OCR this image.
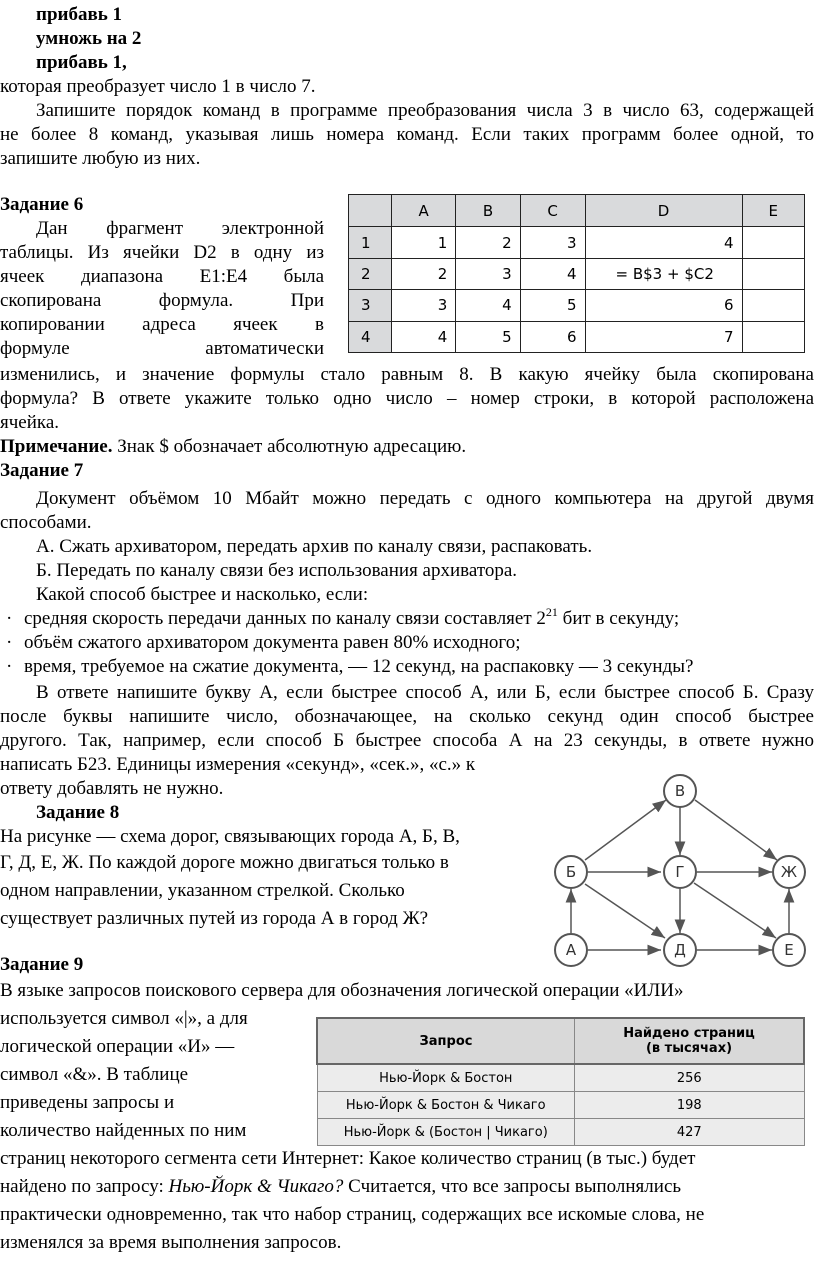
прибавь 1
умножь на 2
прибавь 1,
которая преобразует число 1 в число 7.
Запишите порядок команд в программе преобразования числа 3 в число 63, содержащей
не более 8 команд, указывая лишь номера команд. Если таких программ более одной, то
запишите любую из них.
Задание 6
Дан фрагмент электронной
таблицы. Из ячейки D2 в одну из
ячеек диапазона E1:E4 была
скопирована формула. При
копировании адреса ячеек в
формуле автоматически
изменились, и значение формулы стало равным 8. В какую ячейку была скопирована
формула? В ответе укажите только одно число – номер строки, в которой расположена
ячейка.
Примечание. Знак $ обозначает абсолютную адресацию.
	A	B	C	D	E
1	1	2	3	4	
2	2	3	4	= B$3 + $C2	
3	3	4	5	6	
4	4	5	6	7	
Задание 7
Документ объёмом 10 Мбайт можно передать с одного компьютера на другой двумя
способами.
А. Сжать архиватором, передать архив по каналу связи, распаковать.
Б. Передать по каналу связи без использования архиватора.
Какой способ быстрее и насколько, если:
· средняя скорость передачи данных по каналу связи составляет $2^{21}$ бит в секунду;
· объём сжатого архиватором документа равен 80% исходного;
· время, требуемое на сжатие документа, — 12 секунд, на распаковку — 3 секунды?
В ответе напишите букву А, если быстрее способ А, или Б, если быстрее способ Б. Сразу
после буквы напишите число, обозначающее, на сколько секунд один способ быстрее
другого. Так, например, если способ Б быстрее способа А на 23 секунды, в ответе нужно
написать Б23. Единицы измерения «секунд», «сек.», «с.» к
ответу добавлять не нужно.
Задание 8
На рисунке — схема дорог, связывающих города А, Б, В,
Г, Д, Е, Ж. По каждой дороге можно двигаться только в
одном направлении, указанном стрелкой. Сколько
существует различных путей из города А в город Ж?
В
Б	Г	Ж
А	Д	Е
Задание 9
В языке запросов поискового сервера для обозначения логической операции «ИЛИ»
используется символ «|», а для
логической операции «И» —
символ «&». В таблице
приведены запросы и
количество найденных по ним
страниц некоторого сегмента сети Интернет: Какое количество страниц (в тыс.) будет
найдено по запросу: Нью-Йорк & Чикаго? Считается, что все запросы выполнялись
практически одновременно, так что набор страниц, содержащих все искомые слова, не
изменялся за время выполнения запросов.
Запрос	Найдено страниц
(в тысячах)

Нью-Йорк & Бостон	256
Нью-Йорк & Бостон & Чикаго	198
Нью-Йорк & (Бостон | Чикаго)	427
